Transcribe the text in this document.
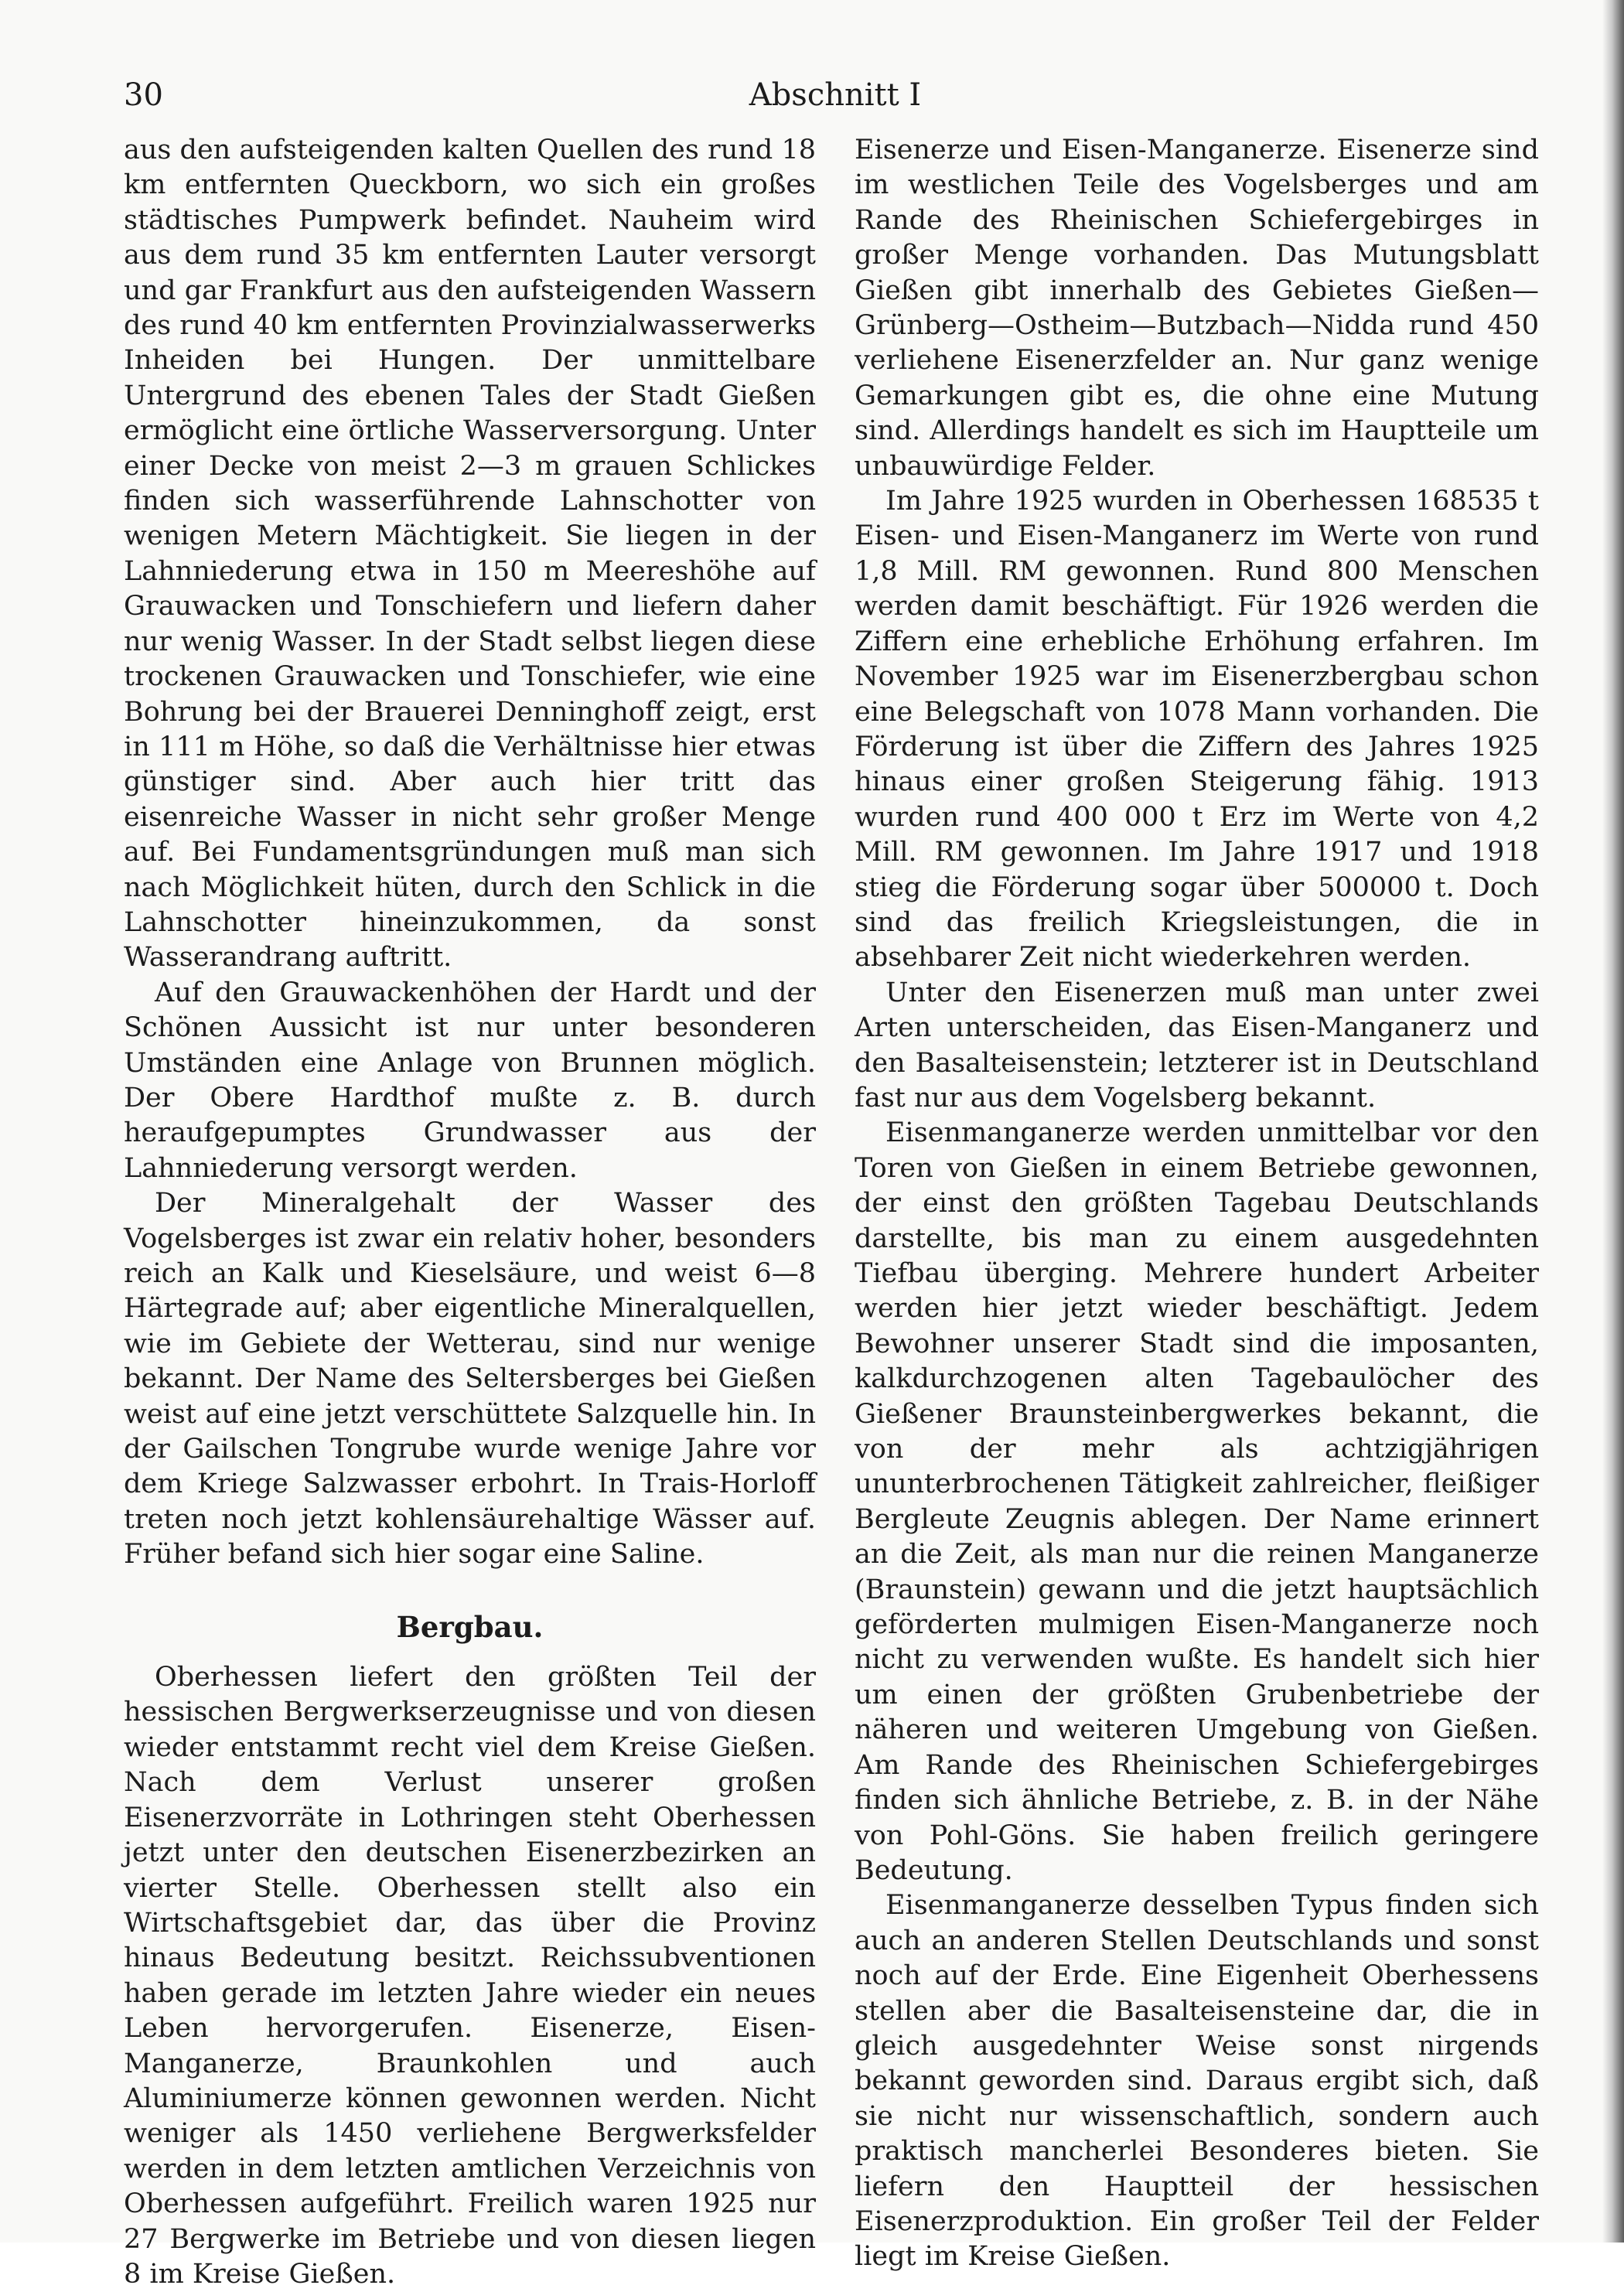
30	Abschnitt I

aus den aufsteigenden kalten Quellen des rund 18 km entfernten Queckborn, wo sich ein großes städtisches Pumpwerk befindet. Nauheim wird aus dem rund 35 km entfernten Lauter versorgt und gar Frankfurt aus den aufsteigenden Wassern des rund 40 km entfernten Provinzialwasserwerks Inheiden bei Hungen. Der unmittelbare Untergrund des ebenen Tales der Stadt Gießen ermöglicht eine örtliche Wasserversorgung. Unter einer Decke von meist 2—3 m grauen Schlickes finden sich wasserführende Lahnschotter von wenigen Metern Mächtigkeit. Sie liegen in der Lahnniederung etwa in 150 m Meereshöhe auf Grauwacken und Tonschiefern und liefern daher nur wenig Wasser. In der Stadt selbst liegen diese trockenen Grauwacken und Tonschiefer, wie eine Bohrung bei der Brauerei Denninghoff zeigt, erst in 111 m Höhe, so daß die Verhältnisse hier etwas günstiger sind. Aber auch hier tritt das eisenreiche Wasser in nicht sehr großer Menge auf. Bei Fundamentsgründungen muß man sich nach Möglichkeit hüten, durch den Schlick in die Lahnschotter hineinzukommen, da sonst Wasserandrang auftritt.

Auf den Grauwackenhöhen der Hardt und der Schönen Aussicht ist nur unter besonderen Umständen eine Anlage von Brunnen möglich. Der Obere Hardthof mußte z. B. durch heraufgepumptes Grundwasser aus der Lahnniederung versorgt werden.

Der Mineralgehalt der Wasser des Vogelsberges ist zwar ein relativ hoher, besonders reich an Kalk und Kieselsäure, und weist 6—8 Härtegrade auf; aber eigentliche Mineralquellen, wie im Gebiete der Wetterau, sind nur wenige bekannt. Der Name des Seltersberges bei Gießen weist auf eine jetzt verschüttete Salzquelle hin. In der Gailschen Tongrube wurde wenige Jahre vor dem Kriege Salzwasser erbohrt. In Trais-Horloff treten noch jetzt kohlensäurehaltige Wässer auf. Früher befand sich hier sogar eine Saline.

Bergbau.

Oberhessen liefert den größten Teil der hessischen Bergwerkserzeugnisse und von diesen wieder entstammt recht viel dem Kreise Gießen. Nach dem Verlust unserer großen Eisenerzvorräte in Lothringen steht Oberhessen jetzt unter den deutschen Eisenerzbezirken an vierter Stelle. Oberhessen stellt also ein Wirtschaftsgebiet dar, das über die Provinz hinaus Bedeutung besitzt. Reichssubventionen haben gerade im letzten Jahre wieder ein neues Leben hervorgerufen. Eisenerze, Eisen-Manganerze, Braunkohlen und auch Aluminiumerze können gewonnen werden. Nicht weniger als 1450 verliehene Bergwerksfelder werden in dem letzten amtlichen Verzeichnis von Oberhessen aufgeführt. Freilich waren 1925 nur 27 Bergwerke im Betriebe und von diesen liegen 8 im Kreise Gießen.

Eisenerze und Eisen-Manganerze. Eisenerze sind im westlichen Teile des Vogelsberges und am Rande des Rheinischen Schiefergebirges in großer Menge vorhanden. Das Mutungsblatt Gießen gibt innerhalb des Gebietes Gießen—Grünberg—Ostheim—Butzbach—Nidda rund 450 verliehene Eisenerzfelder an. Nur ganz wenige Gemarkungen gibt es, die ohne eine Mutung sind. Allerdings handelt es sich im Hauptteile um unbauwürdige Felder.

Im Jahre 1925 wurden in Oberhessen 168535 t Eisen- und Eisen-Manganerz im Werte von rund 1,8 Mill. RM gewonnen. Rund 800 Menschen werden damit beschäftigt. Für 1926 werden die Ziffern eine erhebliche Erhöhung erfahren. Im November 1925 war im Eisenerzbergbau schon eine Belegschaft von 1078 Mann vorhanden. Die Förderung ist über die Ziffern des Jahres 1925 hinaus einer großen Steigerung fähig. 1913 wurden rund 400 000 t Erz im Werte von 4,2 Mill. RM gewonnen. Im Jahre 1917 und 1918 stieg die Förderung sogar über 500000 t. Doch sind das freilich Kriegsleistungen, die in absehbarer Zeit nicht wiederkehren werden.

Unter den Eisenerzen muß man unter zwei Arten unterscheiden, das Eisen-Manganerz und den Basalteisenstein; letzterer ist in Deutschland fast nur aus dem Vogelsberg bekannt.

Eisenmanganerze werden unmittelbar vor den Toren von Gießen in einem Betriebe gewonnen, der einst den größten Tagebau Deutschlands darstellte, bis man zu einem ausgedehnten Tiefbau überging. Mehrere hundert Arbeiter werden hier jetzt wieder beschäftigt. Jedem Bewohner unserer Stadt sind die imposanten, kalkdurchzogenen alten Tagebaulöcher des Gießener Braunsteinbergwerkes bekannt, die von der mehr als achtzigjährigen ununterbrochenen Tätigkeit zahlreicher, fleißiger Bergleute Zeugnis ablegen. Der Name erinnert an die Zeit, als man nur die reinen Manganerze (Braunstein) gewann und die jetzt hauptsächlich geförderten mulmigen Eisen-Manganerze noch nicht zu verwenden wußte. Es handelt sich hier um einen der größten Grubenbetriebe der näheren und weiteren Umgebung von Gießen. Am Rande des Rheinischen Schiefergebirges finden sich ähnliche Betriebe, z. B. in der Nähe von Pohl-Göns. Sie haben freilich geringere Bedeutung.

Eisenmanganerze desselben Typus finden sich auch an anderen Stellen Deutschlands und sonst noch auf der Erde. Eine Eigenheit Oberhessens stellen aber die Basalteisensteine dar, die in gleich ausgedehnter Weise sonst nirgends bekannt geworden sind. Daraus ergibt sich, daß sie nicht nur wissenschaftlich, sondern auch praktisch mancherlei Besonderes bieten. Sie liefern den Hauptteil der hessischen Eisenerzproduktion. Ein großer Teil der Felder liegt im Kreise Gießen.
